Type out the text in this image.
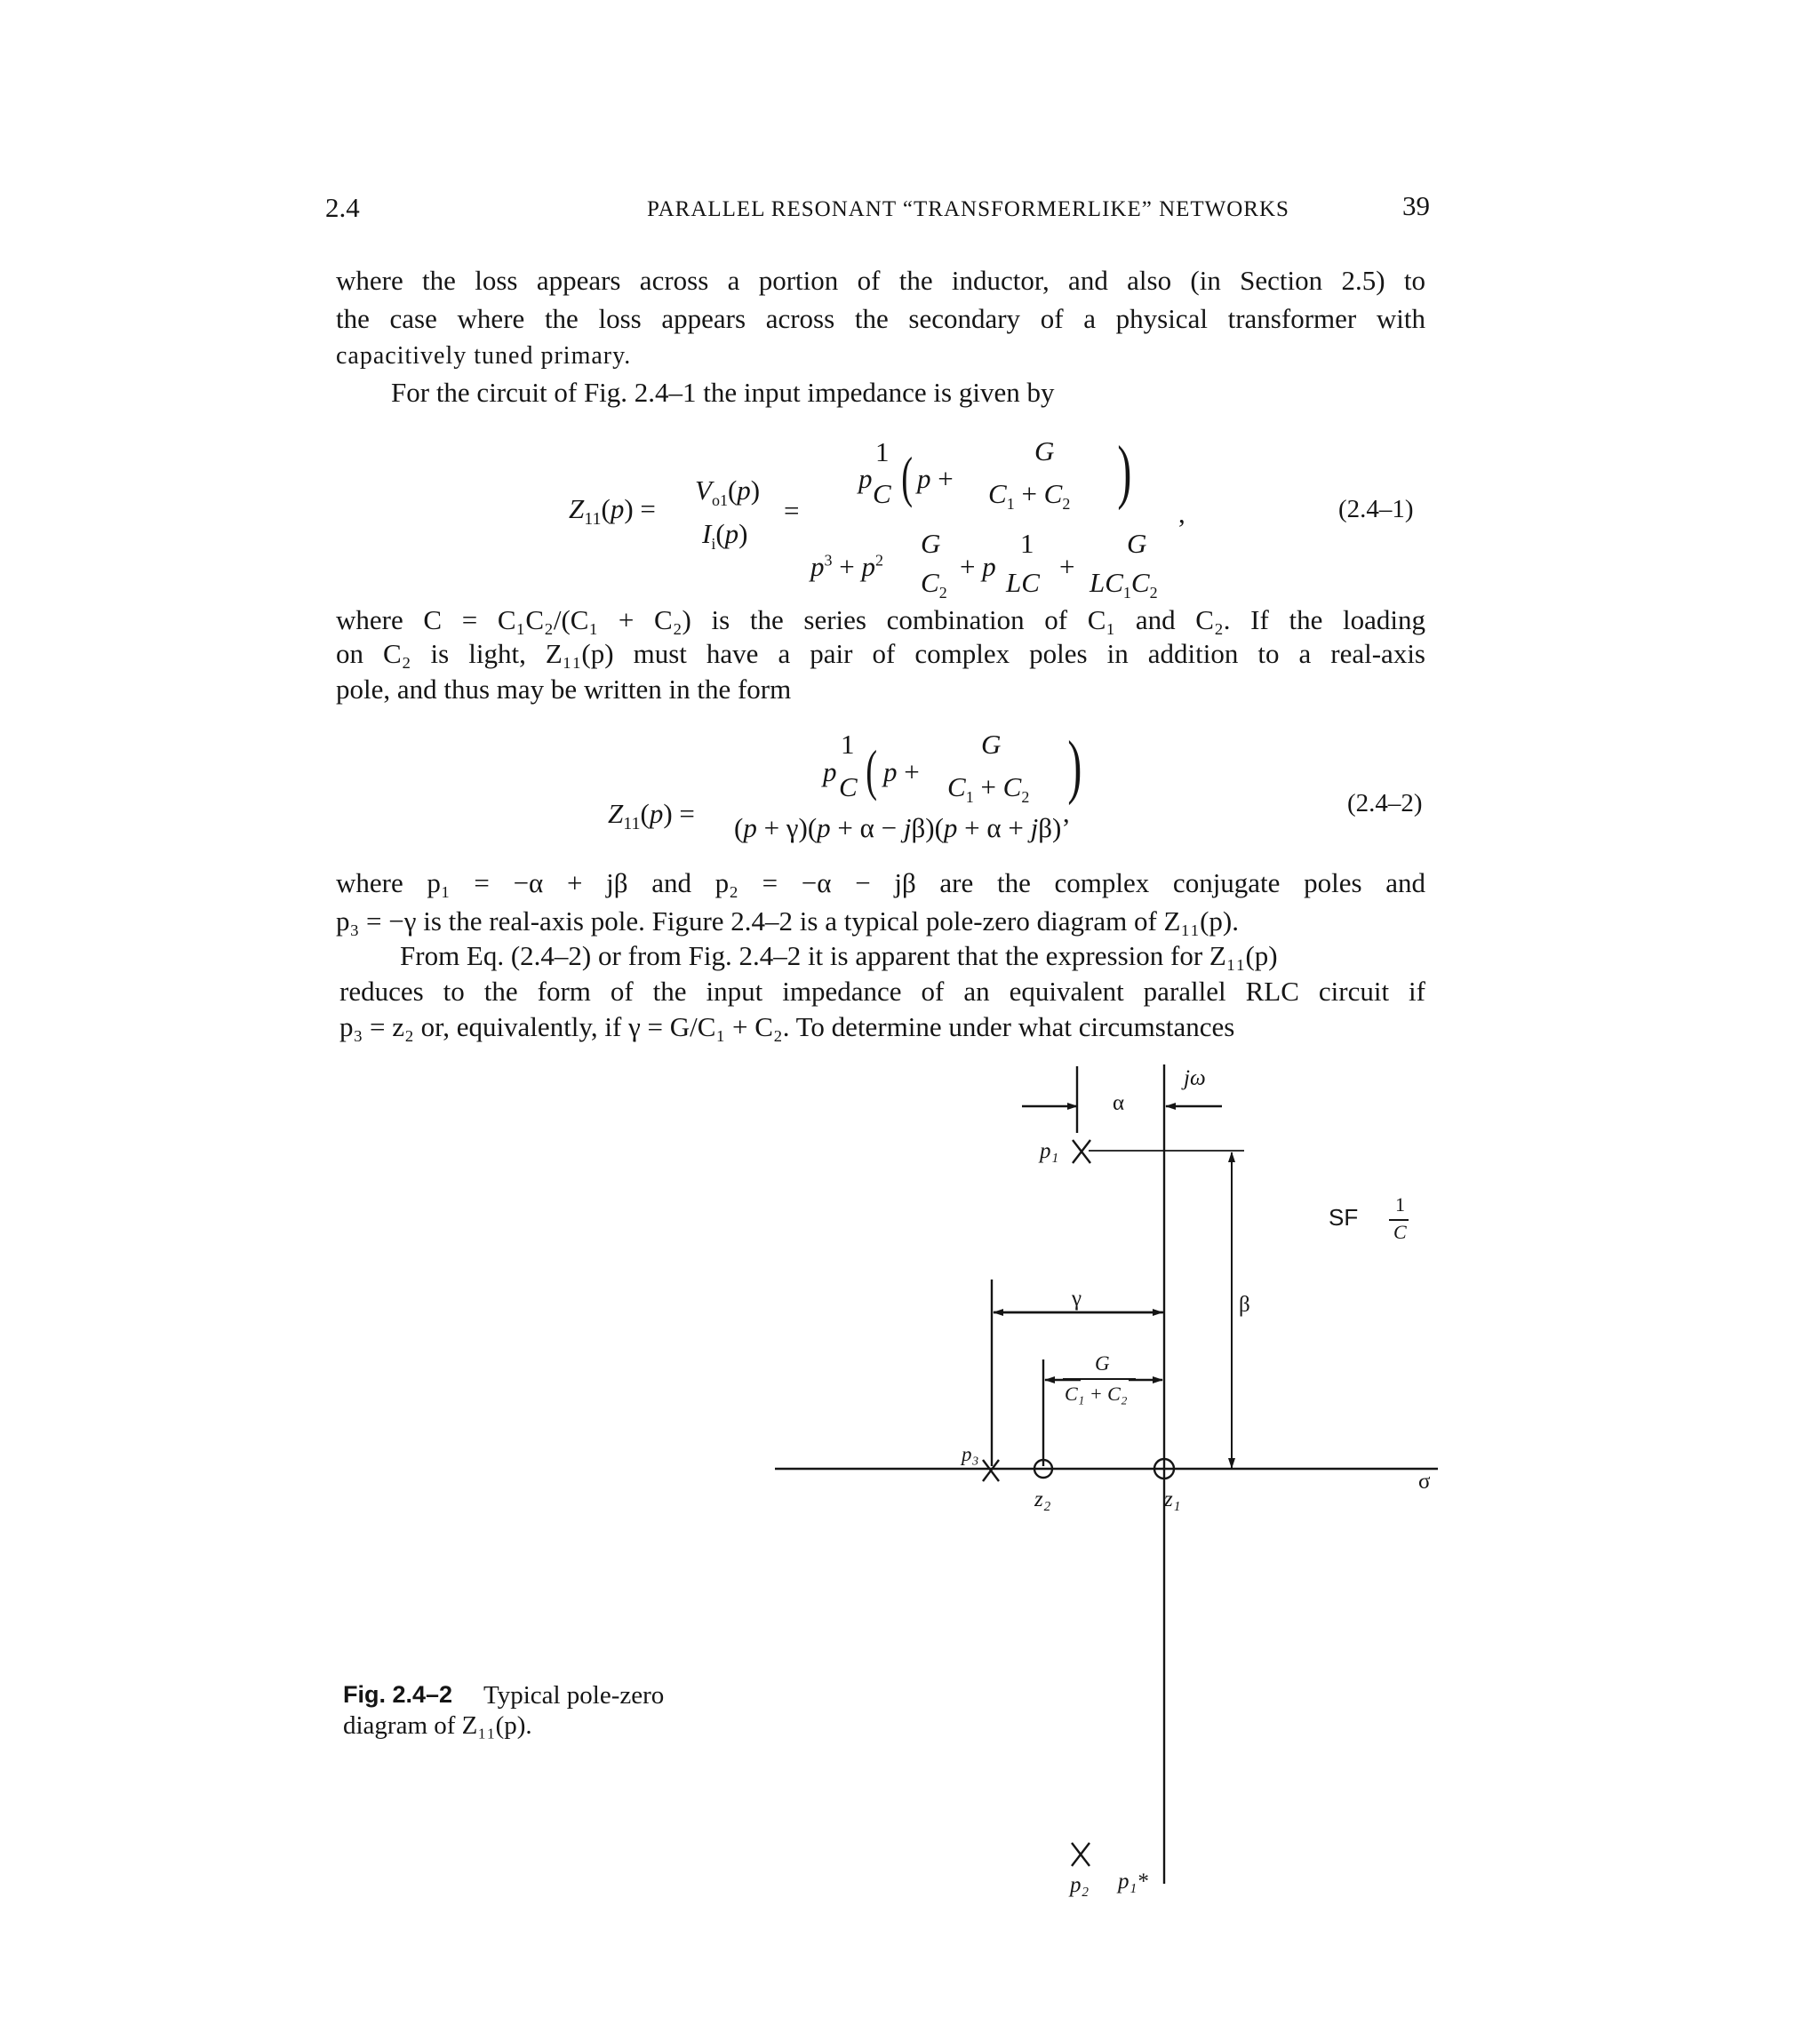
2.4	PARALLEL RESONANT “TRANSFORMERLIKE” NETWORKS	39
where the loss appears across a portion of the inductor, and also (in Section 2.5) to
the case where the loss appears across the secondary of a physical transformer with
capacitively tuned primary.
For the circuit of Fig. 2.4–1 the input impedance is given by
$Z_{11}(p)$ =
$V_{o1}(p)$
$I_i(p)$
=
1
p C ( p +
G
$C_1 + C_2$ )
$p^3 + p^2$
G
$C_2$
+ p
1
LC
+
G
$LC_1C_2$
,	(2.4–1)
where C = C₁C₂/(C₁ + C₂) is the series combination of C₁ and C₂. If the loading
on C₂ is light, Z₁₁(p) must have a pair of complex poles in addition to a real-axis
pole, and thus may be written in the form
$Z_{11}(p)$ =
1
p C ( p +
G
$C_1 + C_2$ )
(p + γ)(p + α − jβ)(p + α + jβ)’
(2.4–2)
where p₁ = −α + jβ and p₂ = −α − jβ are the complex conjugate poles and
p₃ = −γ is the real-axis pole. Figure 2.4–2 is a typical pole-zero diagram of Z₁₁(p).
From Eq. (2.4–2) or from Fig. 2.4–2 it is apparent that the expression for Z₁₁(p)
reduces to the form of the input impedance of an equivalent parallel RLC circuit if
p₃ = z₂ or, equivalently, if γ = G/C₁ + C₂. To determine under what circumstances
jω
α
p₁
SF 1
C
γ	β
G
C₁ + C₂
p₃
z₂	z₁
σ
p₂ p₁*
Fig. 2.4–2 Typical pole-zero
diagram of Z₁₁(p).
